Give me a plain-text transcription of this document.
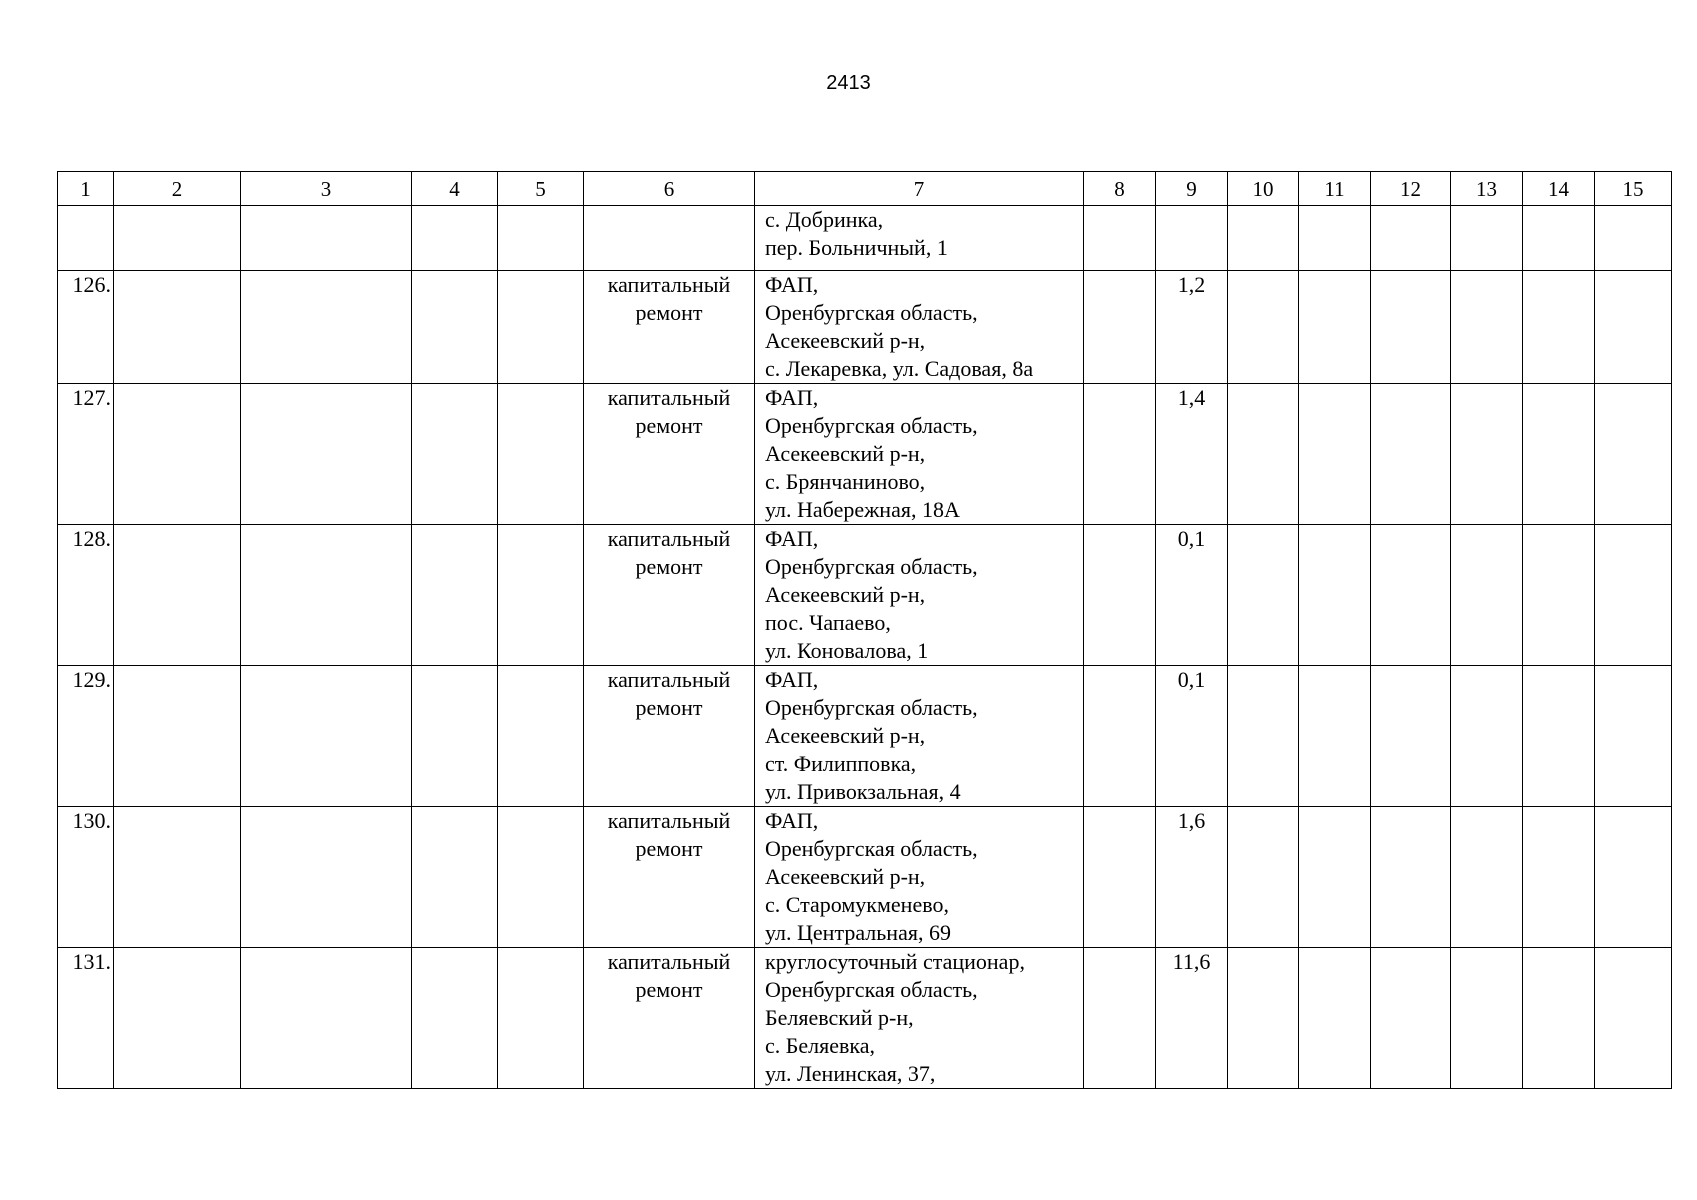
2413
1	2	3	4	5	6	7	8	9	10	11	12	13	14	15
						с. Добринка,
пер. Больничный, 1								
126.					капитальный ремонт	ФАП,
Оренбургская область,
Асекеевский р-н,
с. Лекаревка, ул. Садовая, 8а		1,2						
127.					капитальный ремонт	ФАП,
Оренбургская область,
Асекеевский р-н,
с. Брянчаниново,
ул. Набережная, 18А		1,4						
128.					капитальный ремонт	ФАП,
Оренбургская область,
Асекеевский р-н,
пос. Чапаево,
ул. Коновалова, 1		0,1						
129.					капитальный ремонт	ФАП,
Оренбургская область,
Асекеевский р-н,
ст. Филипповка,
ул. Привокзальная, 4		0,1						
130.					капитальный ремонт	ФАП,
Оренбургская область,
Асекеевский р-н,
с. Старомукменево,
ул. Центральная, 69		1,6						
131.					капитальный ремонт	круглосуточный стационар,
Оренбургская область,
Беляевский р-н,
с. Беляевка,
ул. Ленинская, 37,		11,6						
